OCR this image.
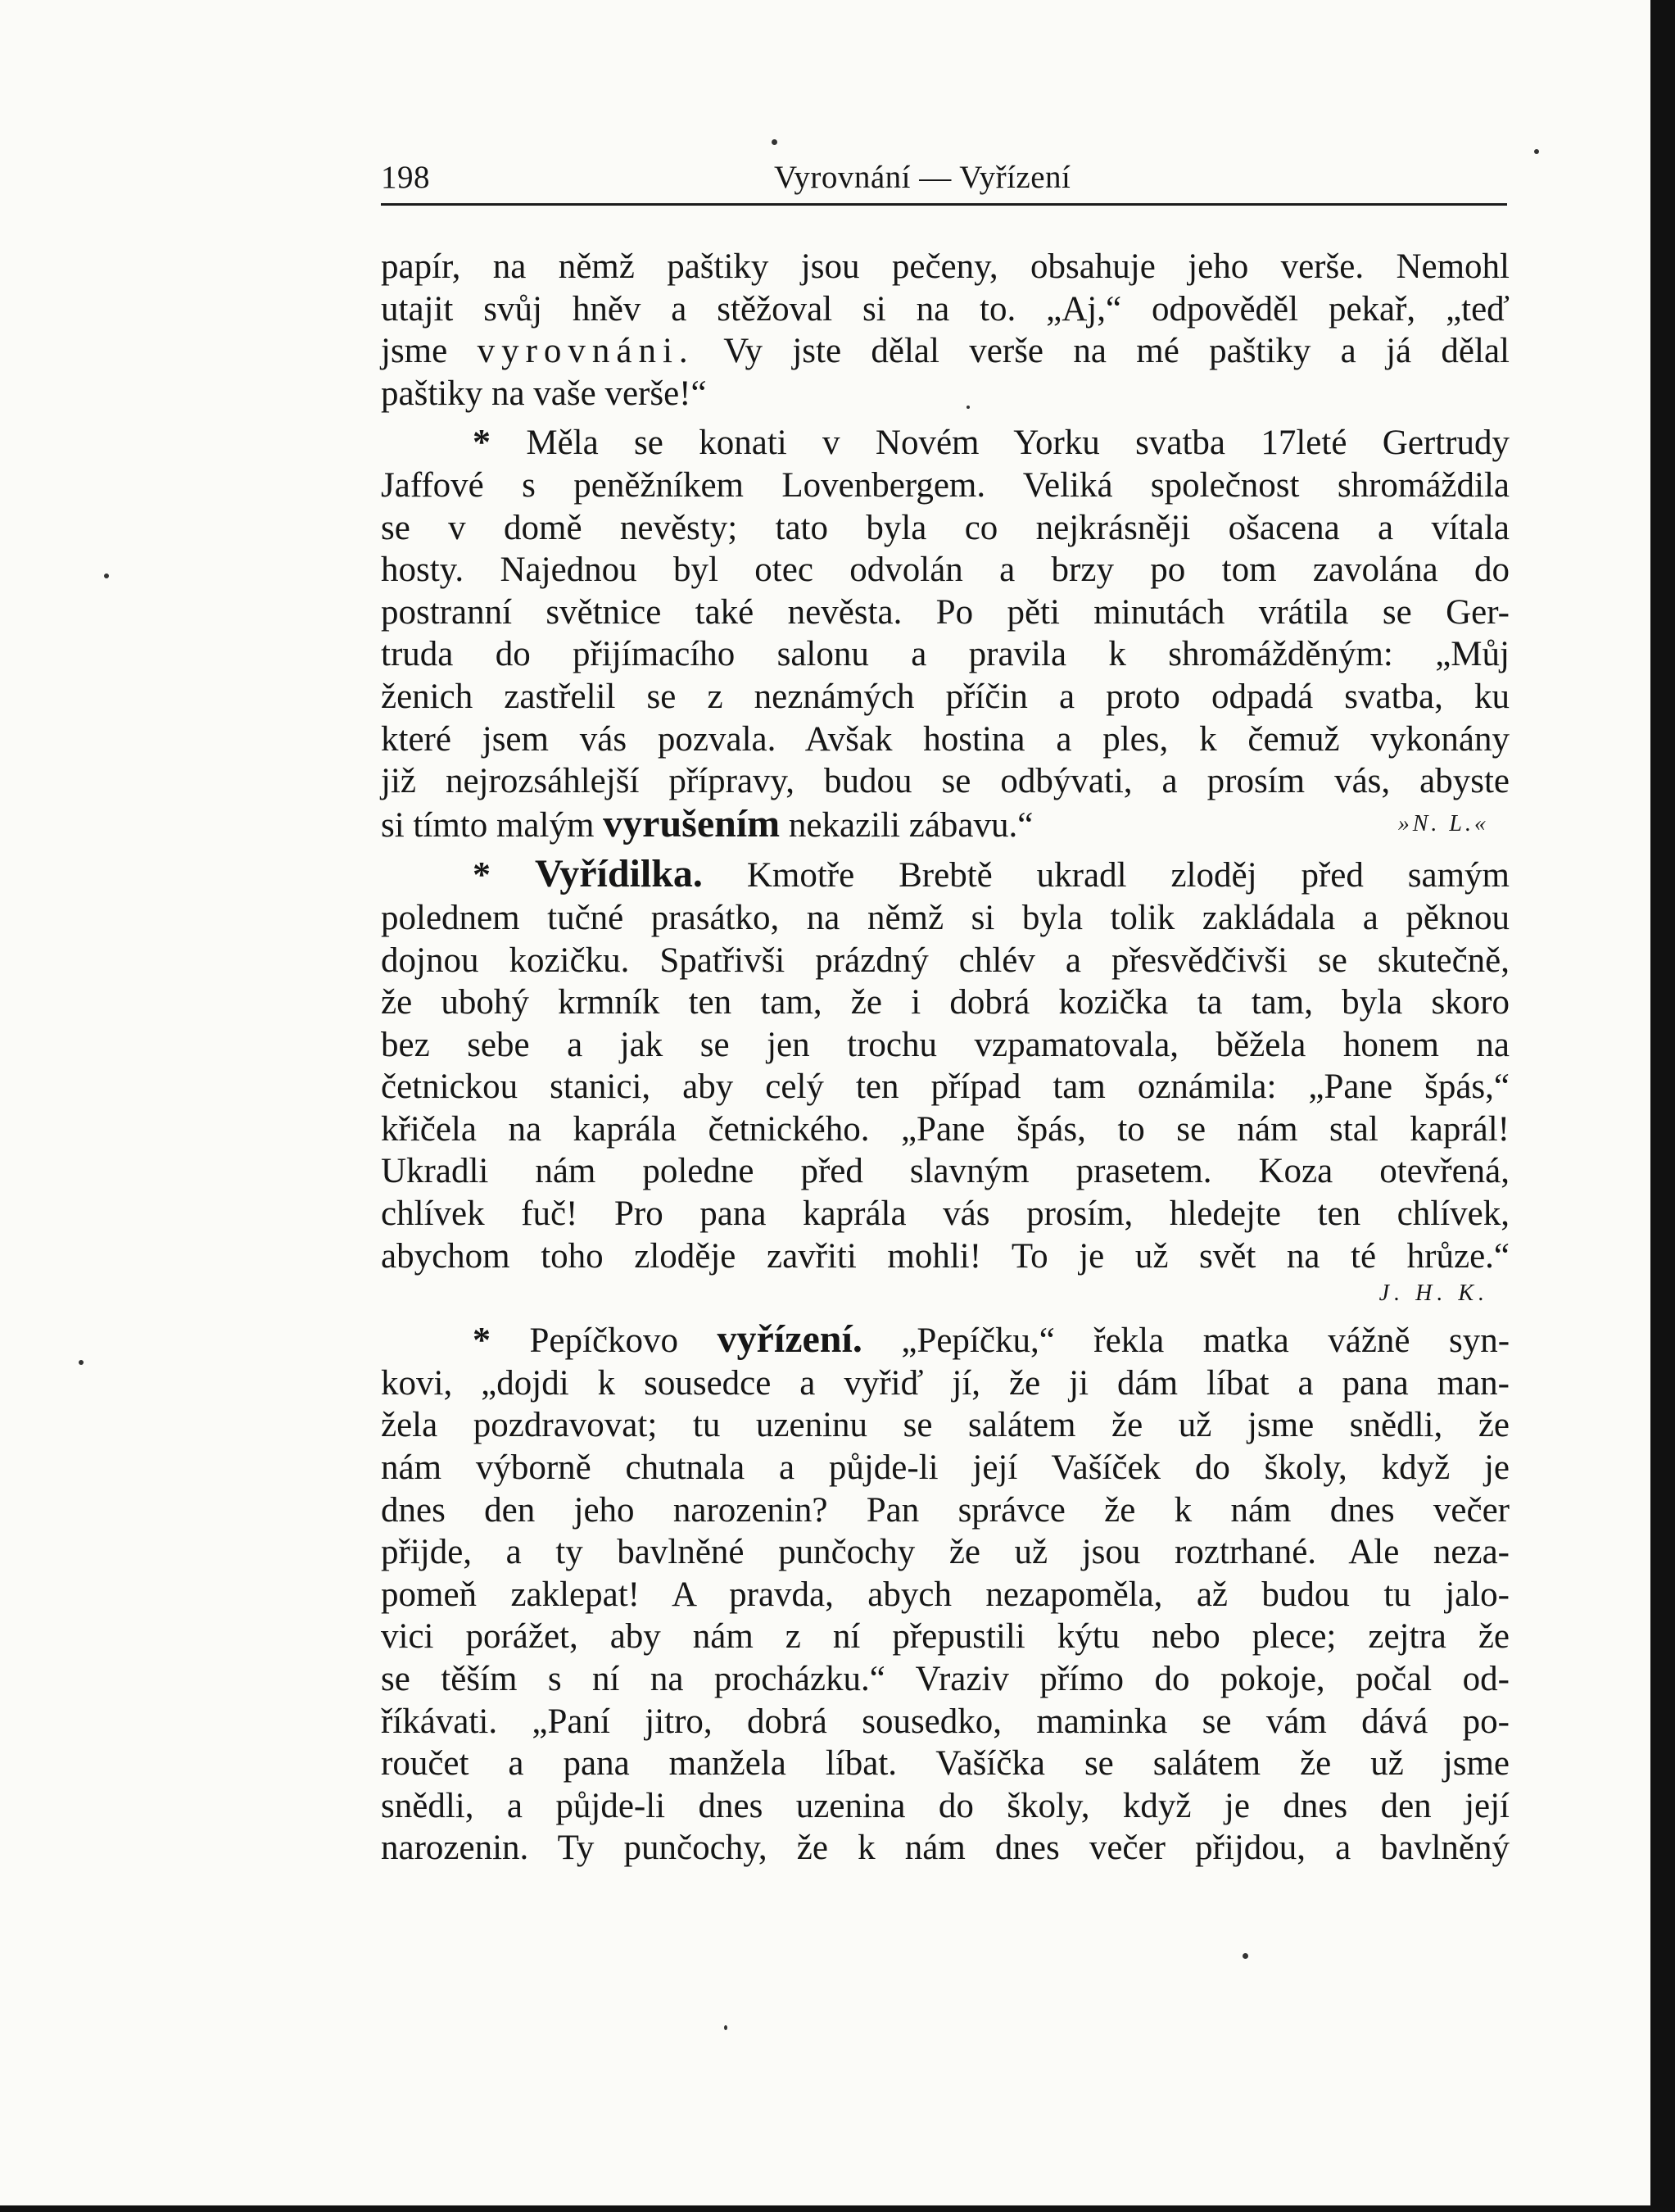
198	Vyrovnání — Vyřízení
papír, na němž paštiky jsou pečeny, obsahuje jeho verše. Nemohl
utajit svůj hněv a stěžoval si na to. „Aj,“ odpověděl pekař, „teď
jsme vyrovnáni. Vy jste dělal verše na mé paštiky a já dělal
paštiky na vaše verše!“
* Měla se konati v Novém Yorku svatba 17leté Gertrudy
Jaffové s peněžníkem Lovenbergem. Veliká společnost shromáždila
se v domě nevěsty; tato byla co nejkrásněji ošacena a vítala
hosty. Najednou byl otec odvolán a brzy po tom zavolána do
postranní světnice také nevěsta. Po pěti minutách vrátila se Ger-
truda do přijímacího salonu a pravila k shromážděným: „Můj
ženich zastřelil se z neznámých příčin a proto odpadá svatba, ku
které jsem vás pozvala. Avšak hostina a ples, k čemuž vykonány
již nejrozsáhlejší přípravy, budou se odbývati, a prosím vás, abyste
si tímto malým vyrušením nekazili zábavu.“	»N. L.«
* Vyřídilka. Kmotře Brebtě ukradl zloděj před samým
polednem tučné prasátko, na němž si byla tolik zakládala a pěknou
dojnou kozičku. Spatřivši prázdný chlév a přesvědčivši se skutečně,
že ubohý krmník ten tam, že i dobrá kozička ta tam, byla skoro
bez sebe a jak se jen trochu vzpamatovala, běžela honem na
četnickou stanici, aby celý ten případ tam oznámila: „Pane špás,“
křičela na kaprála četnického. „Pane špás, to se nám stal kaprál!
Ukradli nám poledne před slavným prasetem. Koza otevřená,
chlívek fuč! Pro pana kaprála vás prosím, hledejte ten chlívek,
abychom toho zloděje zavřiti mohli! To je už svět na té hrůze.“
J. H. K.
* Pepíčkovo vyřízení. „Pepíčku,“ řekla matka vážně syn-
kovi, „dojdi k sousedce a vyřiď jí, že ji dám líbat a pana man-
žela pozdravovat; tu uzeninu se salátem že už jsme snědli, že
nám výborně chutnala a půjde-li její Vašíček do školy, když je
dnes den jeho narozenin? Pan správce že k nám dnes večer
přijde, a ty bavlněné punčochy že už jsou roztrhané. Ale neza-
pomeň zaklepat! A pravda, abych nezapoměla, až budou tu jalo-
vici porážet, aby nám z ní přepustili kýtu nebo plece; zejtra že
se těším s ní na procházku.“ Vraziv přímo do pokoje, počal od-
říkávati. „Paní jitro, dobrá sousedko, maminka se vám dává po-
roučet a pana manžela líbat. Vašíčka se salátem že už jsme
snědli, a půjde-li dnes uzenina do školy, když je dnes den její
narozenin. Ty punčochy, že k nám dnes večer přijdou, a bavlněný
